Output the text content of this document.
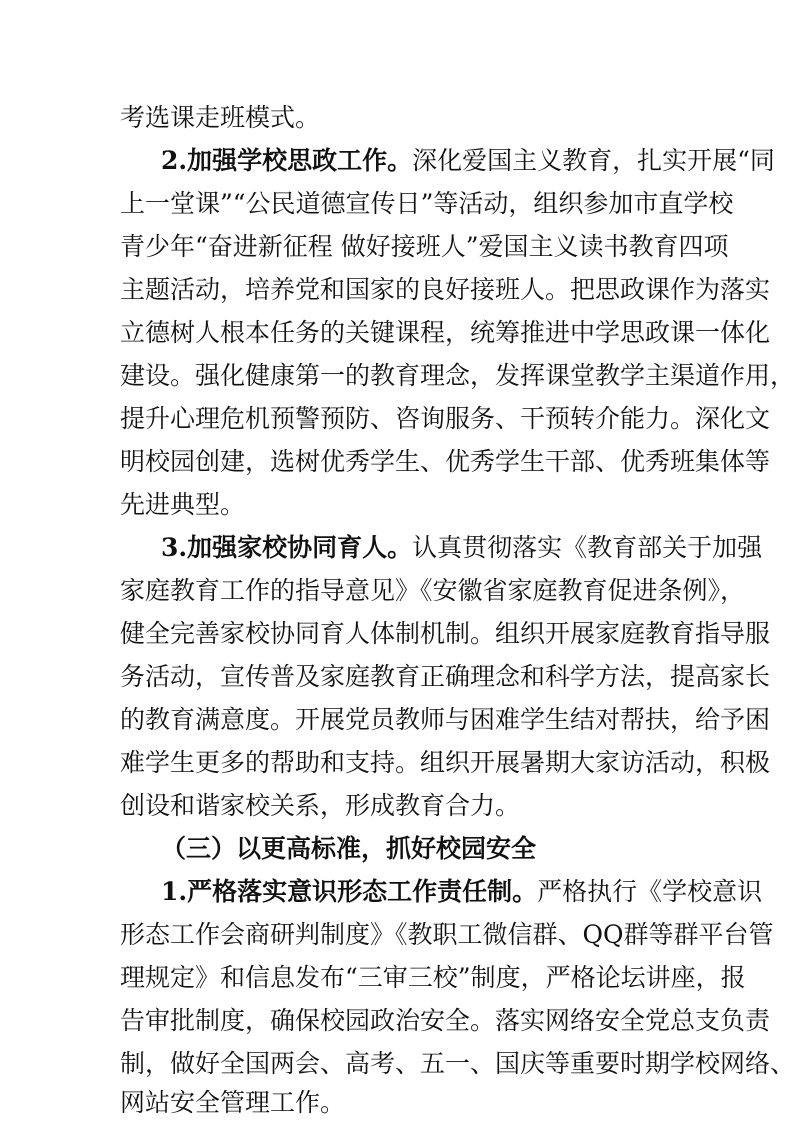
考选课走班模式。
2.加强学校思政工作。深化爱国主义教育，扎实开展“同
上一堂课”“公民道德宣传日”等活动，组织参加市直学校
青少年“奋进新征程 做好接班人”爱国主义读书教育四项
主题活动，培养党和国家的良好接班人。把思政课作为落实
立德树人根本任务的关键课程，统筹推进中学思政课一体化
建设。强化健康第一的教育理念，发挥课堂教学主渠道作用，
提升心理危机预警预防、咨询服务、干预转介能力。深化文
明校园创建，选树优秀学生、优秀学生干部、优秀班集体等
先进典型。
3.加强家校协同育人。认真贯彻落实《教育部关于加强
家庭教育工作的指导意见》《安徽省家庭教育促进条例》，
健全完善家校协同育人体制机制。组织开展家庭教育指导服
务活动，宣传普及家庭教育正确理念和科学方法，提高家长
的教育满意度。开展党员教师与困难学生结对帮扶，给予困
难学生更多的帮助和支持。组织开展暑期大家访活动，积极
创设和谐家校关系，形成教育合力。
（三）以更高标准，抓好校园安全
1.严格落实意识形态工作责任制。严格执行《学校意识
形态工作会商研判制度》《教职工微信群、QQ群等群平台管
理规定》和信息发布“三审三校”制度，严格论坛讲座，报
告审批制度，确保校园政治安全。落实网络安全党总支负责
制，做好全国两会、高考、五一、国庆等重要时期学校网络、
网站安全管理工作。
